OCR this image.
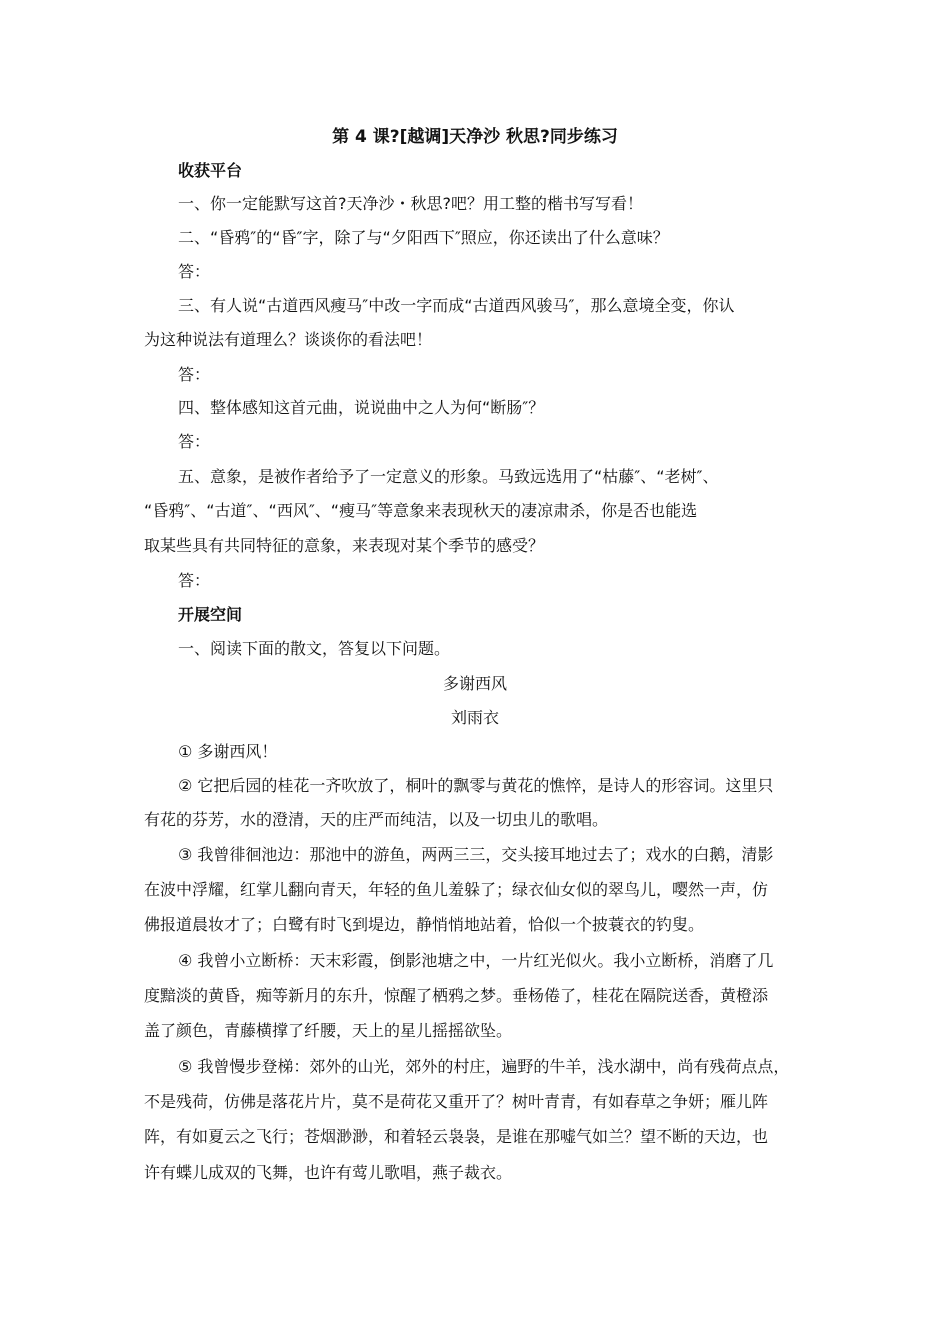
第 4 课?[越调]天净沙 秋思?同步练习
收获平台
一、你一定能默写这首?天净沙・秋思?吧？用工整的楷书写写看！
二、“昏鸦″的“昏″字，除了与“夕阳西下″照应，你还读出了什么意味？
答：
三、有人说“古道西风瘦马″中改一字而成“古道西风骏马″，那么意境全变，你认
为这种说法有道理么？谈谈你的看法吧！
答：
四、整体感知这首元曲，说说曲中之人为何“断肠″？
答：
五、意象，是被作者给予了一定意义的形象。马致远选用了“枯藤″、“老树″、
“昏鸦″、“古道″、“西风″、“瘦马″等意象来表现秋天的凄凉肃杀，你是否也能选
取某些具有共同特征的意象，来表现对某个季节的感受？
答：
开展空间
一、阅读下面的散文，答复以下问题。
多谢西风
刘雨衣
① 多谢西风！
② 它把后园的桂花一齐吹放了，桐叶的飘零与黄花的憔悴，是诗人的形容词。这里只
有花的芬芳，水的澄清，天的庄严而纯洁，以及一切虫儿的歌唱。
③ 我曾徘徊池边：那池中的游鱼，两两三三，交头接耳地过去了；戏水的白鹅，清影
在波中浮耀，红掌儿翻向青天，年轻的鱼儿羞躲了；绿衣仙女似的翠鸟儿，嘤然一声，仿
佛报道晨妆才了；白鹭有时飞到堤边，静悄悄地站着，恰似一个披蓑衣的钓叟。
④ 我曾小立断桥：天末彩霞，倒影池塘之中，一片红光似火。我小立断桥，消磨了几
度黯淡的黄昏，痴等新月的东升，惊醒了栖鸦之梦。垂杨倦了，桂花在隔院送香，黄橙添
盖了颜色，青藤横撑了纤腰，天上的星儿摇摇欲坠。
⑤ 我曾慢步登梯：郊外的山光，郊外的村庄，遍野的牛羊，浅水湖中，尚有残荷点点，
不是残荷，仿佛是落花片片，莫不是荷花又重开了？树叶青青，有如春草之争妍；雁儿阵
阵，有如夏云之飞行；苍烟渺渺，和着轻云袅袅，是谁在那嘘气如兰？望不断的天边，也
许有蝶儿成双的飞舞，也许有莺儿歌唱，燕子裁衣。
